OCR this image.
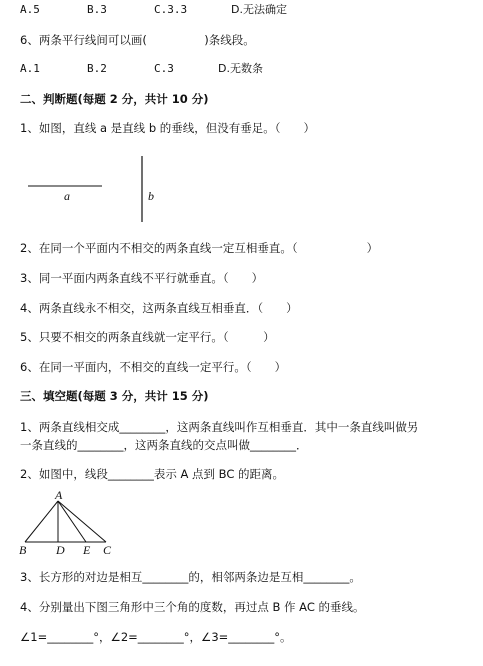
A.5	B.3	C.3.3	D.无法确定
6、两条平行线间可以画(　　　　　)条线段。
A.1	B.2	C.3	D.无数条
二、判断题(每题 2 分，共计 10 分)
1、如图，直线 a 是直线 b 的垂线，但没有垂足。（　　）
a	b
2、在同一个平面内不相交的两条直线一定互相垂直。（　　　　　　）
3、同一平面内两条直线不平行就垂直。（　　）
4、两条直线永不相交，这两条直线互相垂直．（　　）
5、只要不相交的两条直线就一定平行。（　　　）
6、在同一平面内，不相交的直线一定平行。（　　）
三、填空题(每题 3 分，共计 15 分)
1、两条直线相交成________，这两条直线叫作互相垂直．其中一条直线叫做另
一条直线的________，这两条直线的交点叫做________．
2、如图中，线段________表示 A 点到 BC 的距离。
A
B D E C
3、长方形的对边是相互________的，相邻两条边是互相________。
4、分别量出下图三角形中三个角的度数，再过点 B 作 AC 的垂线。
∠1=________°，∠2=________°，∠3=________°。
